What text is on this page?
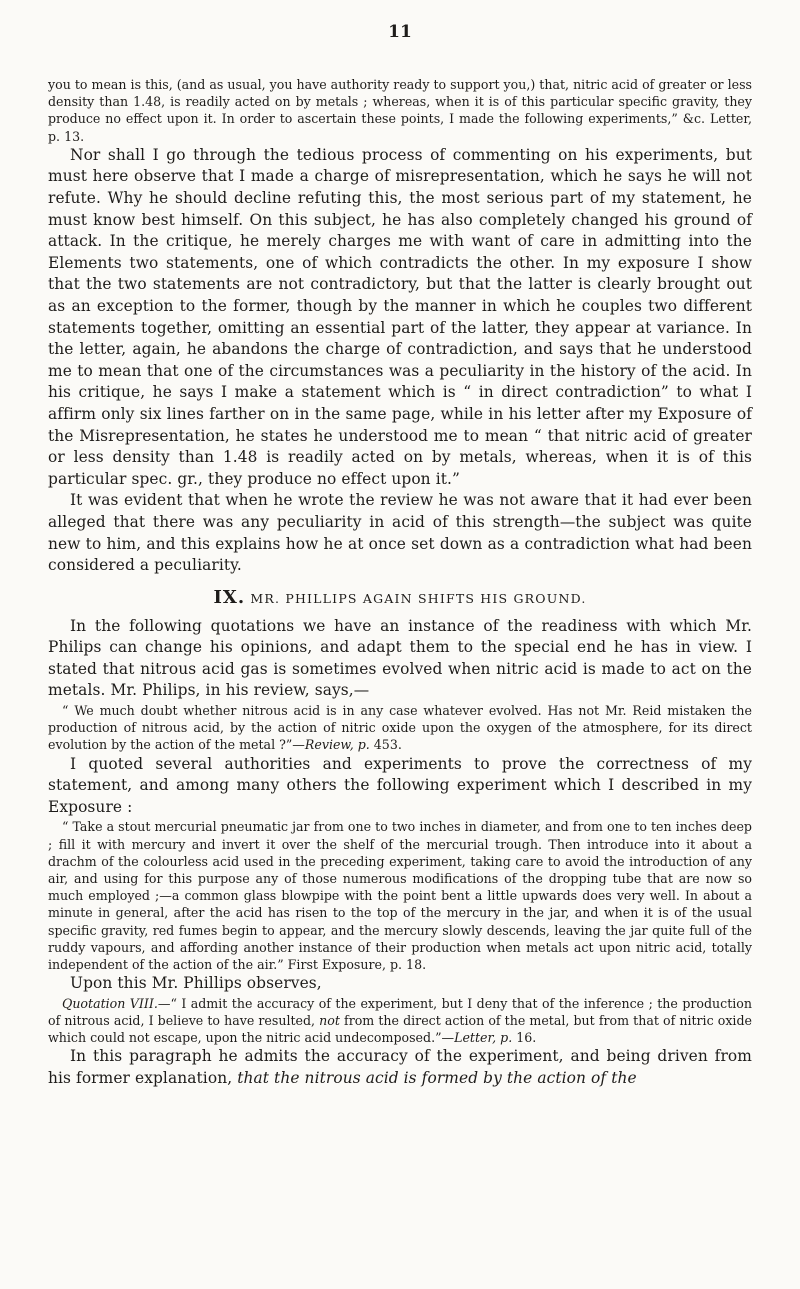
11

you to mean is this, (and as usual, you have authority ready to support you,) that, nitric acid of greater or less density than 1.48, is readily acted on by metals ; whereas, when it is of this particular specific gravity, they produce no effect upon it. In order to ascertain these points, I made the following experiments,” &c. Letter, p. 13.

Nor shall I go through the tedious process of commenting on his experiments, but must here observe that I made a charge of misrepresentation, which he says he will not refute. Why he should decline refuting this, the most serious part of my statement, he must know best himself. On this subject, he has also completely changed his ground of attack. In the critique, he merely charges me with want of care in admitting into the Elements two statements, one of which contradicts the other. In my exposure I show that the two statements are not contradictory, but that the latter is clearly brought out as an exception to the former, though by the manner in which he couples two different statements together, omitting an essential part of the latter, they appear at variance. In the letter, again, he abandons the charge of contradiction, and says that he understood me to mean that one of the circumstances was a peculiarity in the history of the acid. In his critique, he says I make a statement which is “ in direct contradiction” to what I affirm only six lines farther on in the same page, while in his letter after my Exposure of the Misrepresentation, he states he understood me to mean “ that nitric acid of greater or less density than 1.48 is readily acted on by metals, whereas, when it is of this particular spec. gr., they produce no effect upon it.”

It was evident that when he wrote the review he was not aware that it had ever been alleged that there was any peculiarity in acid of this strength—the subject was quite new to him, and this explains how he at once set down as a contradiction what had been considered a peculiarity.

IX. MR. PHILLIPS AGAIN SHIFTS HIS GROUND.

In the following quotations we have an instance of the readiness with which Mr. Philips can change his opinions, and adapt them to the special end he has in view. I stated that nitrous acid gas is sometimes evolved when nitric acid is made to act on the metals. Mr. Philips, in his review, says,—

“ We much doubt whether nitrous acid is in any case whatever evolved. Has not Mr. Reid mistaken the production of nitrous acid, by the action of nitric oxide upon the oxygen of the atmosphere, for its direct evolution by the action of the metal ?”—Review, p. 453.

I quoted several authorities and experiments to prove the correctness of my statement, and among many others the following experiment which I described in my Exposure :

“ Take a stout mercurial pneumatic jar from one to two inches in diameter, and from one to ten inches deep ; fill it with mercury and invert it over the shelf of the mercurial trough. Then introduce into it about a drachm of the colourless acid used in the preceding experiment, taking care to avoid the introduction of any air, and using for this purpose any of those numerous modifications of the dropping tube that are now so much employed ;—a common glass blowpipe with the point bent a little upwards does very well. In about a minute in general, after the acid has risen to the top of the mercury in the jar, and when it is of the usual specific gravity, red fumes begin to appear, and the mercury slowly descends, leaving the jar quite full of the ruddy vapours, and affording another instance of their production when metals act upon nitric acid, totally independent of the action of the air.” First Exposure, p. 18.

Upon this Mr. Phillips observes,

Quotation VIII.—“ I admit the accuracy of the experiment, but I deny that of the inference ; the production of nitrous acid, I believe to have resulted, not from the direct action of the metal, but from that of nitric oxide which could not escape, upon the nitric acid undecomposed.”—Letter, p. 16.

In this paragraph he admits the accuracy of the experiment, and being driven from his former explanation, that the nitrous acid is formed by the action of the
